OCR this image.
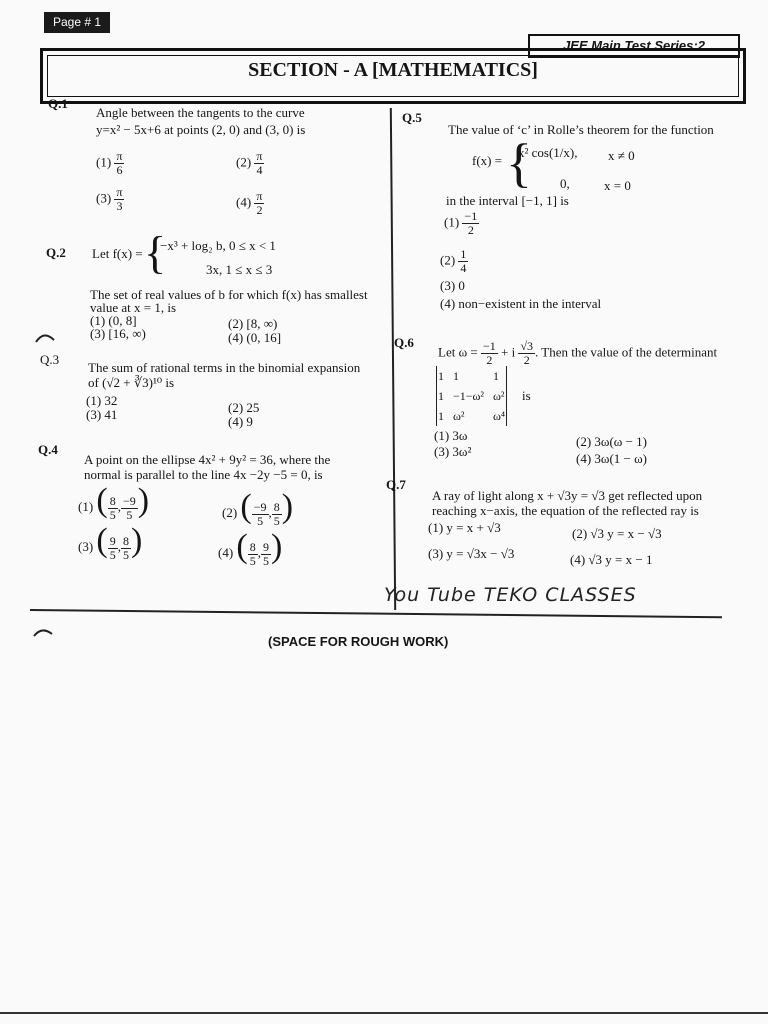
Page # 1
JEE Main Test Series:2
SECTION - A [MATHEMATICS]
Q.1
Angle between the tangents to the curve
y=x² − 5x+6 at points (2, 0) and (3, 0) is
$(1) \frac{\pi}{6}$	$(2) \frac{\pi}{4}$
$(3) \frac{\pi}{3}$	$(4) \frac{\pi}{2}$
Q.2 Let f(x) = {
−x³ + log₂ b, 0 ≤ x < 1
3x, 1 ≤ x ≤ 3
The set of real values of b for which f(x) has smallest
value at x = 1, is
(1) (0, 8]	(2) [8, ∞)
(3) [16, ∞)	(4) (0, 16]
Q.3
The sum of rational terms in the binomial expansion
of (√2 + ∛3)¹⁰ is
(1) 32	(2) 25
(3) 41	(4) 9
Q.4
A point on the ellipse 4x² + 9y² = 36, where the
normal is parallel to the line 4x −2y −5 = 0, is
(1) ( $\frac{8}{5}$ , $\frac{-9}{5}$ )	(2) ( $\frac{-9}{5}$ , $\frac{8}{5}$ )
(3) ( $\frac{9}{5}$ , $\frac{8}{5}$ )	(4) ( $\frac{8}{5}$ , $\frac{9}{5}$ )
Q.5
The value of ‘c’ in Rolle’s theorem for the function
f(x) = {
x² cos(1/x), x ≠ 0
0,	x = 0
in the interval [−1, 1] is
$(1) \frac{-1}{2}$
$(2) \frac{1}{4}$
(3) 0
(4) non−existent in the interval
Q.6
Let $\omega = \frac{-1}{2} + i \frac{√3}{2}$ . Then the value of the determinant
1	1	1
1	−1−ω²	ω²
1	ω²	ω⁴
is
(1) 3ω	(2) 3ω(ω − 1)
(3) 3ω²	(4) 3ω(1 − ω)
Q.7
A ray of light along x + √3y = √3 get reflected upon
reaching x−axis, the equation of the reflected ray is
(1) y = x + √3	(2) √3 y = x − √3
(3) y = √3x − √3	(4) √3 y = x − 1
You Tube TEKO CLASSES
(SPACE FOR ROUGH WORK)
